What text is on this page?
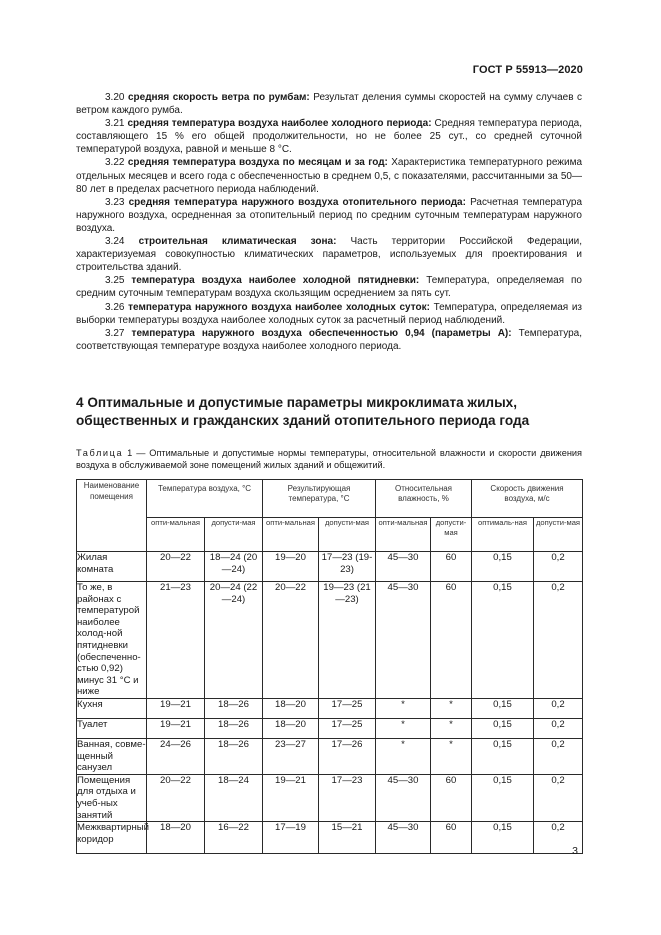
ГОСТ Р 55913—2020

3.20 средняя скорость ветра по румбам: Результат деления суммы скоростей на сумму случаев с ветром каждого румба.

3.21 средняя температура воздуха наиболее холодного периода: Средняя температура периода, составляющего 15 % его общей продолжительности, но не более 25 сут., со средней суточной температурой воздуха, равной и меньше 8 °С.

3.22 средняя температура воздуха по месяцам и за год: Характеристика температурного режима отдельных месяцев и всего года с обеспеченностью в среднем 0,5, с показателями, рассчитанными за 50—80 лет в пределах расчетного периода наблюдений.

3.23 средняя температура наружного воздуха отопительного периода: Расчетная температура наружного воздуха, осредненная за отопительный период по средним суточным температурам наружного воздуха.

3.24 строительная климатическая зона: Часть территории Российской Федерации, характеризуемая совокупностью климатических параметров, используемых для проектирования и строительства зданий.

3.25 температура воздуха наиболее холодной пятидневки: Температура, определяемая по средним суточным температурам воздуха скользящим осреднением за пять сут.

3.26 температура наружного воздуха наиболее холодных суток: Температура, определяемая из выборки температуры воздуха наиболее холодных суток за расчетный период наблюдений.

3.27 температура наружного воздуха обеспеченностью 0,94 (параметры А): Температура, соответствующая температуре воздуха наиболее холодного периода.

4 Оптимальные и допустимые параметры микроклимата жилых, общественных и гражданских зданий отопительного периода года
Таблица 1 — Оптимальные и допустимые нормы температуры, относительной влажности и скорости движения воздуха в обслуживаемой зоне помещений жилых зданий и общежитий.
Наименование помещения	Температура воздуха, °С		Результирующая температура, °С		Относительная влажность, %		Скорость движения воздуха, м/с	

	опти-мальная	допусти-мая	опти-мальная	допусти-мая	опти-мальная	допусти-мая	оптималь-ная	допусти-мая
Жилая комната	20—22	18—24 (20—24)	19—20	17—23 (19-23)	45—30	60	0,15	0,2
То же, в районах с температурой наиболее холод-ной пятидневки (обеспеченно-стью 0,92) минус 31 °С и ниже	21—23	20—24 (22—24)	20—22	19—23 (21—23)	45—30	60	0,15	0,2
Кухня	19—21	18—26	18—20	17—25	*	*	0,15	0,2
Туалет	19—21	18—26	18—20	17—25	*	*	0,15	0,2
Ванная, совме-щенный санузел	24—26	18—26	23—27	17—26	*	*	0,15	0,2
Помещения для отдыха и учеб-ных занятий	20—22	18—24	19—21	17—23	45—30	60	0,15	0,2
Межквартирный коридор	18—20	16—22	17—19	15—21	45—30	60	0,15	0,2
3
